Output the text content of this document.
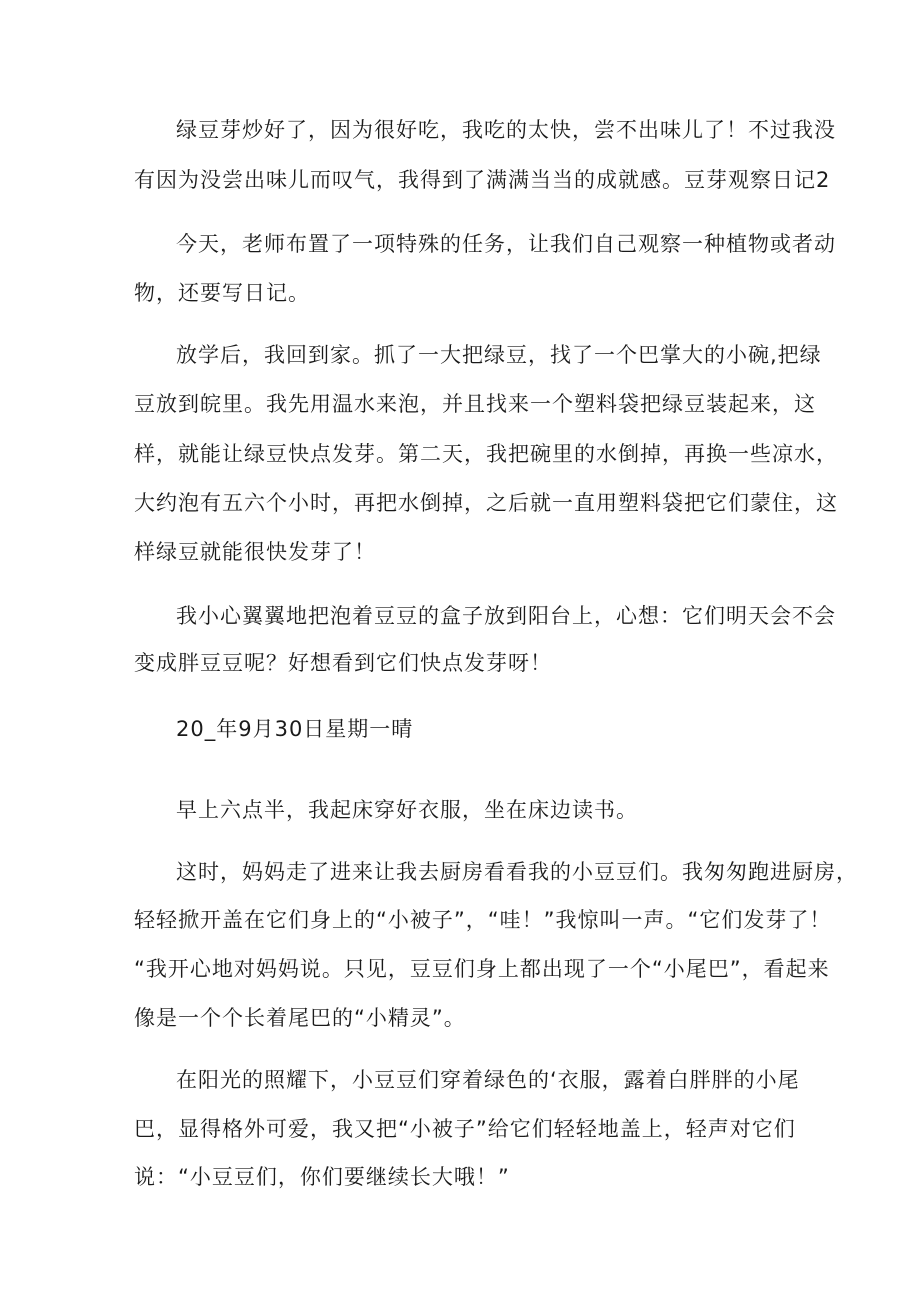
绿豆芽炒好了，因为很好吃，我吃的太快，尝不出味儿了！不过我没
有因为没尝出味儿而叹气，我得到了满满当当的成就感。豆芽观察日记2
今天，老师布置了一项特殊的任务，让我们自己观察一种植物或者动
物，还要写日记。
放学后，我回到家。抓了一大把绿豆，找了一个巴掌大的小碗,把绿
豆放到皖里。我先用温水来泡，并且找来一个塑料袋把绿豆装起来，这
样，就能让绿豆快点发芽。第二天，我把碗里的水倒掉，再换一些凉水，
大约泡有五六个小时，再把水倒掉，之后就一直用塑料袋把它们蒙住，这
样绿豆就能很快发芽了！
我小心翼翼地把泡着豆豆的盒子放到阳台上，心想：它们明天会不会
变成胖豆豆呢？好想看到它们快点发芽呀！
20_年9月30日星期一晴
早上六点半，我起床穿好衣服，坐在床边读书。
这时，妈妈走了进来让我去厨房看看我的小豆豆们。我匆匆跑进厨房，
轻轻掀开盖在它们身上的“小被子”，“哇！”我惊叫一声。“它们发芽了！
“我开心地对妈妈说。只见，豆豆们身上都出现了一个“小尾巴”，看起来
像是一个个长着尾巴的“小精灵”。
在阳光的照耀下，小豆豆们穿着绿色的‘衣服，露着白胖胖的小尾
巴，显得格外可爱，我又把“小被子”给它们轻轻地盖上，轻声对它们
说：“小豆豆们，你们要继续长大哦！”
